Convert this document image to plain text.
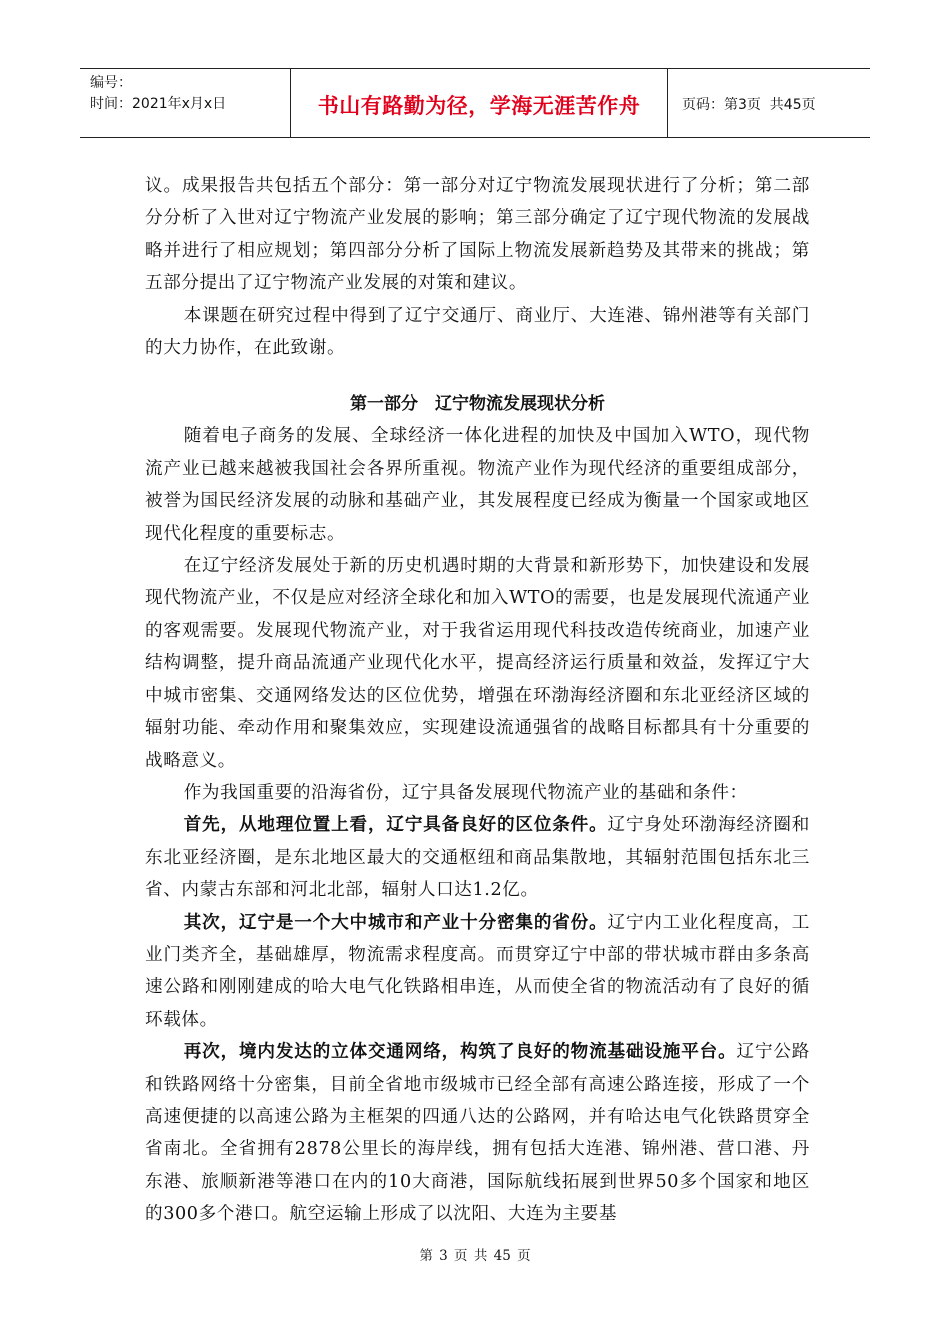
编号：
时间：2021年x月x日	书山有路勤为径，学海无涯苦作舟	页码：第3页  共45页

议。成果报告共包括五个部分：第一部分对辽宁物流发展现状进行了分析；第二部分分析了入世对辽宁物流产业发展的影响；第三部分确定了辽宁现代物流的发展战略并进行了相应规划；第四部分分析了国际上物流发展新趋势及其带来的挑战；第五部分提出了辽宁物流产业发展的对策和建议。

本课题在研究过程中得到了辽宁交通厅、商业厅、大连港、锦州港等有关部门的大力协作，在此致谢。

第一部分　辽宁物流发展现状分析

随着电子商务的发展、全球经济一体化进程的加快及中国加入WTO，现代物流产业已越来越被我国社会各界所重视。物流产业作为现代经济的重要组成部分，被誉为国民经济发展的动脉和基础产业，其发展程度已经成为衡量一个国家或地区现代化程度的重要标志。

在辽宁经济发展处于新的历史机遇时期的大背景和新形势下，加快建设和发展现代物流产业，不仅是应对经济全球化和加入WTO的需要，也是发展现代流通产业的客观需要。发展现代物流产业，对于我省运用现代科技改造传统商业，加速产业结构调整，提升商品流通产业现代化水平，提高经济运行质量和效益，发挥辽宁大中城市密集、交通网络发达的区位优势，增强在环渤海经济圈和东北亚经济区域的辐射功能、牵动作用和聚集效应，实现建设流通强省的战略目标都具有十分重要的战略意义。

作为我国重要的沿海省份，辽宁具备发展现代物流产业的基础和条件：

首先，从地理位置上看，辽宁具备良好的区位条件。辽宁身处环渤海经济圈和东北亚经济圈，是东北地区最大的交通枢纽和商品集散地，其辐射范围包括东北三省、内蒙古东部和河北北部，辐射人口达1.2亿。

其次，辽宁是一个大中城市和产业十分密集的省份。辽宁内工业化程度高，工业门类齐全，基础雄厚，物流需求程度高。而贯穿辽宁中部的带状城市群由多条高速公路和刚刚建成的哈大电气化铁路相串连，从而使全省的物流活动有了良好的循环载体。

再次，境内发达的立体交通网络，构筑了良好的物流基础设施平台。辽宁公路和铁路网络十分密集，目前全省地市级城市已经全部有高速公路连接，形成了一个高速便捷的以高速公路为主框架的四通八达的公路网，并有哈达电气化铁路贯穿全省南北。全省拥有2878公里长的海岸线，拥有包括大连港、锦州港、营口港、丹东港、旅顺新港等港口在内的10大商港，国际航线拓展到世界50多个国家和地区的300多个港口。航空运输上形成了以沈阳、大连为主要基

第 3 页 共 45 页
